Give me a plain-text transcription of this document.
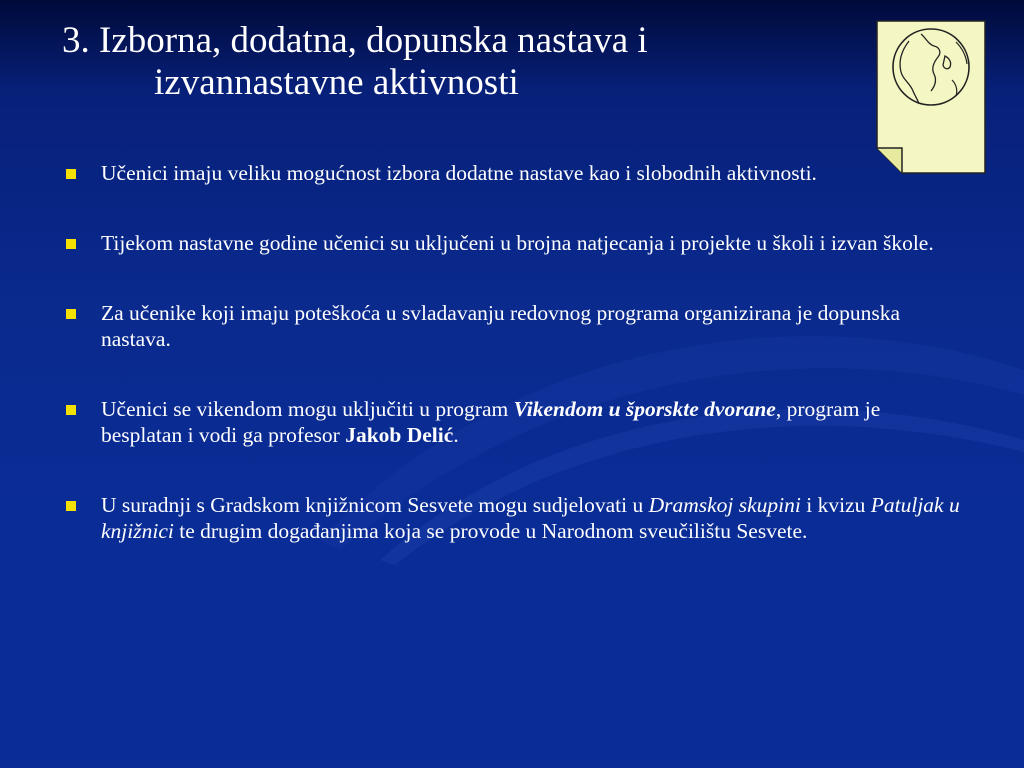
3. Izborna, dodatna, dopunska nastava i
izvannastavne aktivnosti
Učenici imaju veliku mogućnost izbora dodatne nastave kao i slobodnih aktivnosti.
Tijekom nastavne godine učenici su uključeni u brojna natjecanja i projekte u školi i izvan škole.
Za učenike koji imaju poteškoća u svladavanju redovnog programa organizirana je dopunska nastava.
Učenici se vikendom mogu uključiti u program Vikendom u šporskte dvorane, program je besplatan i vodi ga profesor Jakob Delić.
U suradnji s Gradskom knjižnicom Sesvete mogu sudjelovati u Dramskoj skupini i kvizu Patuljak u knjižnici te drugim događanjima koja se provode u Narodnom sveučilištu Sesvete.
